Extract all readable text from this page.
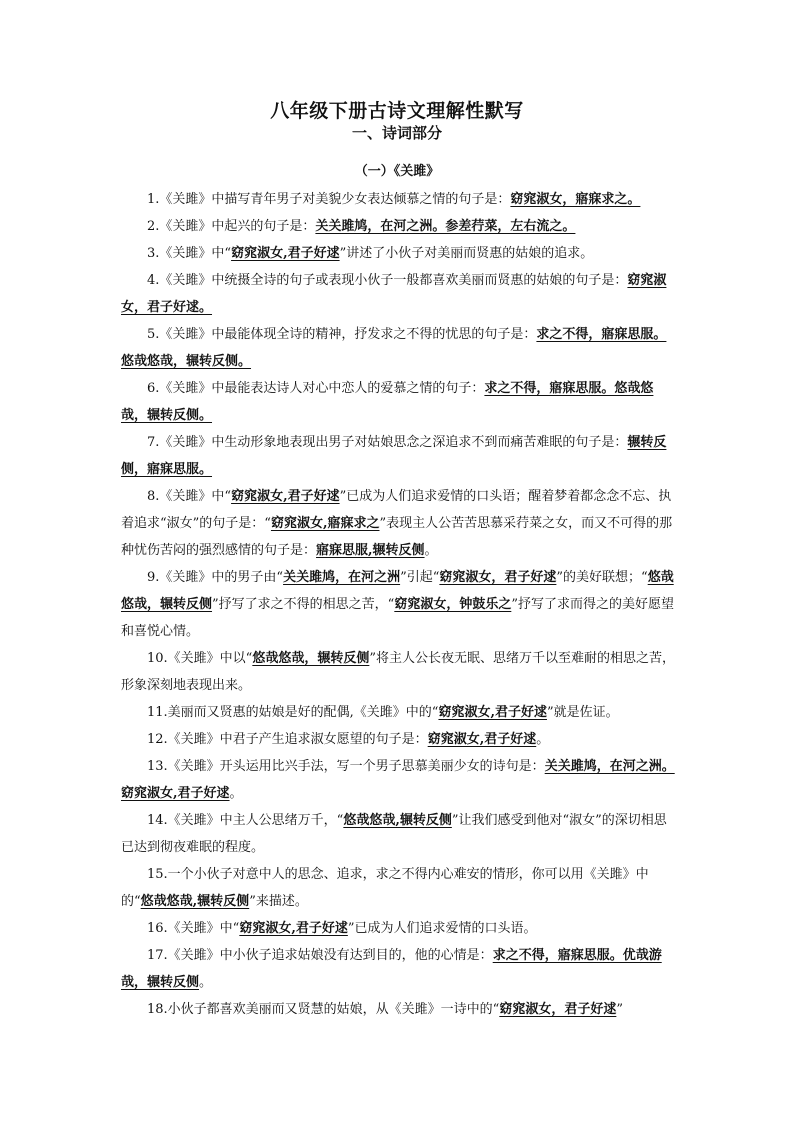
八年级下册古诗文理解性默写
一、诗词部分
（一）《关雎》

1.《关雎》中描写青年男子对美貌少女表达倾慕之情的句子是：窈窕淑女，寤寐求之。

2.《关雎》中起兴的句子是：关关雎鸠，在河之洲。参差荇菜，左右流之。

3.《关雎》中“窈窕淑女,君子好逑”讲述了小伙子对美丽而贤惠的姑娘的追求。

4.《关雎》中统摄全诗的句子或表现小伙子一般都喜欢美丽而贤惠的姑娘的句子是：窈窕淑女，君子好逑。

5.《关雎》中最能体现全诗的精神，抒发求之不得的忧思的句子是：求之不得，寤寐思服。悠哉悠哉，辗转反侧。

6.《关雎》中最能表达诗人对心中恋人的爱慕之情的句子：求之不得，寤寐思服。悠哉悠哉，辗转反侧。

7.《关雎》中生动形象地表现出男子对姑娘思念之深追求不到而痛苦难眠的句子是：辗转反侧，寤寐思服。

8.《关雎》中“窈窕淑女,君子好逑”已成为人们追求爱情的口头语；醒着梦着都念念不忘、执着追求“淑女”的句子是：“窈窕淑女,寤寐求之”表现主人公苦苦思慕采荇菜之女，而又不可得的那种忧伤苦闷的强烈感情的句子是：寤寐思服,辗转反侧。

9.《关雎》中的男子由“关关雎鸠，在河之洲”引起“窈窕淑女，君子好逑”的美好联想；“悠哉悠哉，辗转反侧”抒写了求之不得的相思之苦，“窈窕淑女，钟鼓乐之”抒写了求而得之的美好愿望和喜悦心情。

10.《关雎》中以“悠哉悠哉，辗转反侧”将主人公长夜无眠、思绪万千以至难耐的相思之苦，形象深刻地表现出来。

11.美丽而又贤惠的姑娘是好的配偶,《关雎》中的“窈窕淑女,君子好逑”就是佐证。

12.《关雎》中君子产生追求淑女愿望的句子是：窈窕淑女,君子好逑。

13.《关雎》开头运用比兴手法，写一个男子思慕美丽少女的诗句是：关关雎鸠，在河之洲。窈窕淑女,君子好逑。

14.《关雎》中主人公思绪万千，“悠哉悠哉,辗转反侧”让我们感受到他对“淑女”的深切相思已达到彻夜难眠的程度。

15.一个小伙子对意中人的思念、追求，求之不得内心难安的情形，你可以用《关雎》中的“悠哉悠哉,辗转反侧”来描述。

16.《关雎》中“窈窕淑女,君子好逑”已成为人们追求爱情的口头语。

17.《关雎》中小伙子追求姑娘没有达到目的，他的心情是：求之不得，寤寐思服。优哉游哉，辗转反侧。

18.小伙子都喜欢美丽而又贤慧的姑娘，从《关雎》一诗中的“窈窕淑女，君子好逑”
